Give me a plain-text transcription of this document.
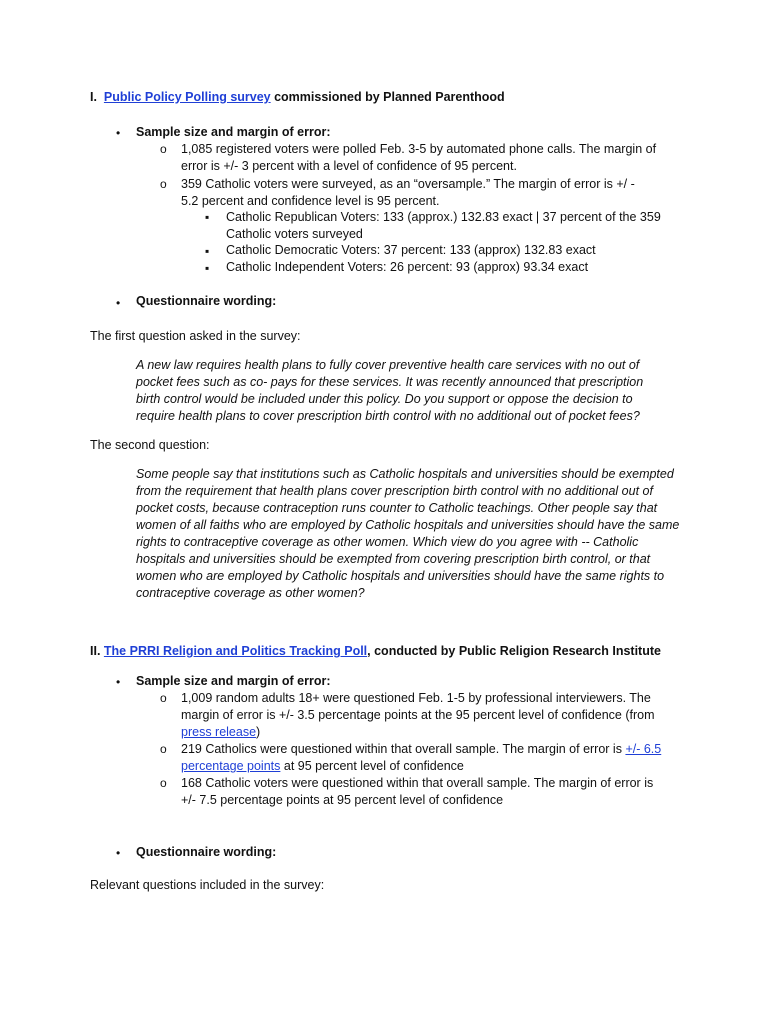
I. Public Policy Polling survey commissioned by Planned Parenthood
• Sample size and margin of error:
o 1,085 registered voters were polled Feb. 3-5 by automated phone calls. The margin of error is +/- 3 percent with a level of confidence of 95 percent.
o 359 Catholic voters were surveyed, as an “oversample.” The margin of error is +/ - 5.2 percent and confidence level is 95 percent.
▪ Catholic Republican Voters: 133 (approx.) 132.83 exact | 37 percent of the 359 Catholic voters surveyed
▪ Catholic Democratic Voters: 37 percent: 133 (approx) 132.83 exact
▪ Catholic Independent Voters: 26 percent: 93 (approx) 93.34 exact
• Questionnaire wording:
The first question asked in the survey:
A new law requires health plans to fully cover preventive health care services with no out of pocket fees such as co- pays for these services. It was recently announced that prescription birth control would be included under this policy. Do you support or oppose the decision to require health plans to cover prescription birth control with no additional out of pocket fees?
The second question:
Some people say that institutions such as Catholic hospitals and universities should be exempted from the requirement that health plans cover prescription birth control with no additional out of pocket costs, because contraception runs counter to Catholic teachings. Other people say that women of all faiths who are employed by Catholic hospitals and universities should have the same rights to contraceptive coverage as other women. Which view do you agree with -- Catholic hospitals and universities should be exempted from covering prescription birth control, or that women who are employed by Catholic hospitals and universities should have the same rights to contraceptive coverage as other women?
II. The PRRI Religion and Politics Tracking Poll, conducted by Public Religion Research Institute
• Sample size and margin of error:
o 1,009 random adults 18+ were questioned Feb. 1-5 by professional interviewers. The margin of error is +/- 3.5 percentage points at the 95 percent level of confidence (from press release)
o 219 Catholics were questioned within that overall sample. The margin of error is +/- 6.5 percentage points at 95 percent level of confidence
o 168 Catholic voters were questioned within that overall sample. The margin of error is +/- 7.5 percentage points at 95 percent level of confidence
• Questionnaire wording:
Relevant questions included in the survey:
